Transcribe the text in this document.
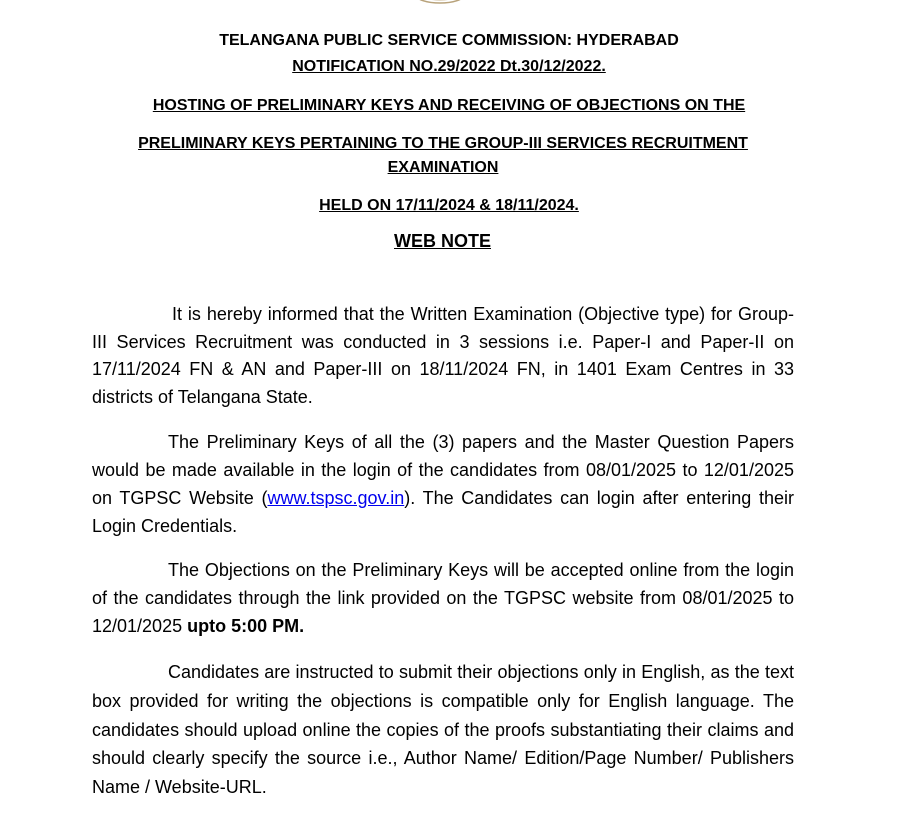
TELANGANA PUBLIC SERVICE COMMISSION: HYDERABAD
NOTIFICATION NO.29/2022 Dt.30/12/2022.
HOSTING OF PRELIMINARY KEYS AND RECEIVING OF OBJECTIONS ON THE
PRELIMINARY KEYS PERTAINING TO THE GROUP-III SERVICES RECRUITMENT EXAMINATION
HELD ON 17/11/2024 & 18/11/2024.
WEB NOTE
It is hereby informed that the Written Examination (Objective type) for Group-III Services Recruitment was conducted in 3 sessions i.e. Paper-I and Paper-II on 17/11/2024 FN & AN and Paper-III on 18/11/2024 FN, in 1401 Exam Centres in 33 districts of Telangana State.
The Preliminary Keys of all the (3) papers and the Master Question Papers would be made available in the login of the candidates from 08/01/2025 to 12/01/2025 on TGPSC Website (www.tspsc.gov.in). The Candidates can login after entering their Login Credentials.
The Objections on the Preliminary Keys will be accepted online from the login of the candidates through the link provided on the TGPSC website from 08/01/2025 to 12/01/2025 upto 5:00 PM.
Candidates are instructed to submit their objections only in English, as the text box provided for writing the objections is compatible only for English language. The candidates should upload online the copies of the proofs substantiating their claims and should clearly specify the source i.e., Author Name/ Edition/Page Number/ Publishers Name / Website-URL.
